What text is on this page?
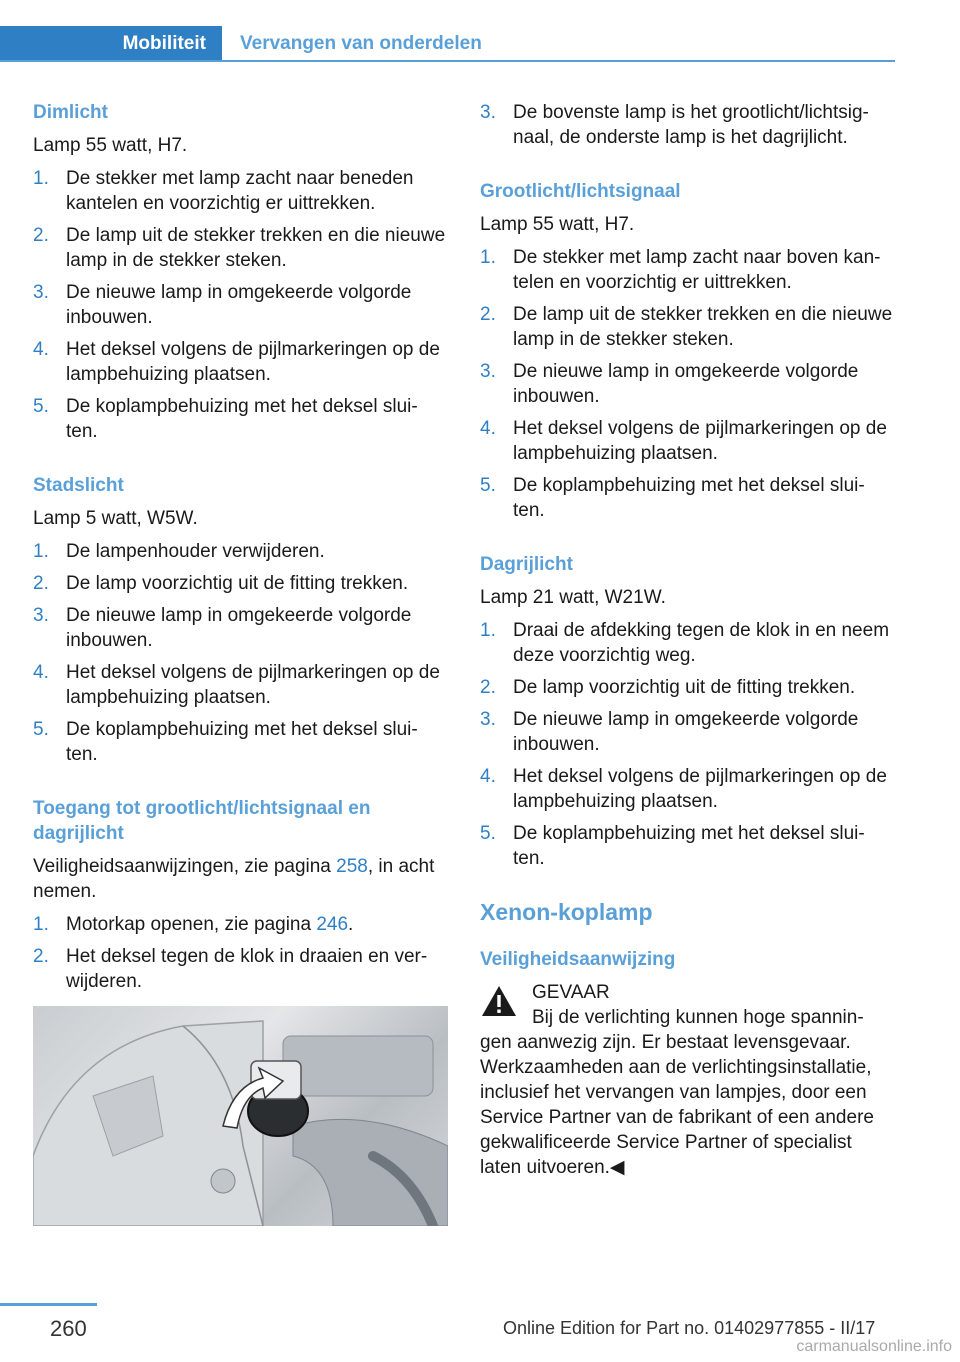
Mobiliteit	Vervangen van onderdelen

Dimlicht

Lamp 55 watt, H7.

1. De stekker met lamp zacht naar beneden kantelen en voorzichtig er uittrekken.
2. De lamp uit de stekker trekken en die nieuwe lamp in de stekker steken.
3. De nieuwe lamp in omgekeerde volgorde inbouwen.
4. Het deksel volgens de pijlmarkeringen op de lampbehuizing plaatsen.
5. De koplampbehuizing met het deksel slui‐ten.

Stadslicht

Lamp 5 watt, W5W.

1. De lampenhouder verwijderen.
2. De lamp voorzichtig uit de fitting trekken.
3. De nieuwe lamp in omgekeerde volgorde inbouwen.
4. Het deksel volgens de pijlmarkeringen op de lampbehuizing plaatsen.
5. De koplampbehuizing met het deksel slui‐ten.

Toegang tot grootlicht/lichtsignaal en dagrijlicht

Veiligheidsaanwijzingen, zie pagina 258, in acht nemen.

1. Motorkap openen, zie pagina 246.
2. Het deksel tegen de klok in draaien en ver‐wijderen.
3. De bovenste lamp is het grootlicht/lichtsig‐naal, de onderste lamp is het dagrijlicht.

Grootlicht/lichtsignaal

Lamp 55 watt, H7.

1. De stekker met lamp zacht naar boven kan‐telen en voorzichtig er uittrekken.
2. De lamp uit de stekker trekken en die nieuwe lamp in de stekker steken.
3. De nieuwe lamp in omgekeerde volgorde inbouwen.
4. Het deksel volgens de pijlmarkeringen op de lampbehuizing plaatsen.
5. De koplampbehuizing met het deksel slui‐ten.

Dagrijlicht

Lamp 21 watt, W21W.

1. Draai de afdekking tegen de klok in en neem deze voorzichtig weg.
2. De lamp voorzichtig uit de fitting trekken.
3. De nieuwe lamp in omgekeerde volgorde inbouwen.
4. Het deksel volgens de pijlmarkeringen op de lampbehuizing plaatsen.
5. De koplampbehuizing met het deksel slui‐ten.

Xenon-koplamp

Veiligheidsaanwijzing

GEVAAR

Bij de verlichting kunnen hoge spannin‐gen aanwezig zijn. Er bestaat levensgevaar. Werkzaamheden aan de verlichtingsinstallatie, inclusief het vervangen van lampjes, door een Service Partner van de fabrikant of een andere gekwalificeerde Service Partner of specialist laten uitvoeren.◀

260	Online Edition for Part no. 01402977855 - II/17
carmanualsonline.info
